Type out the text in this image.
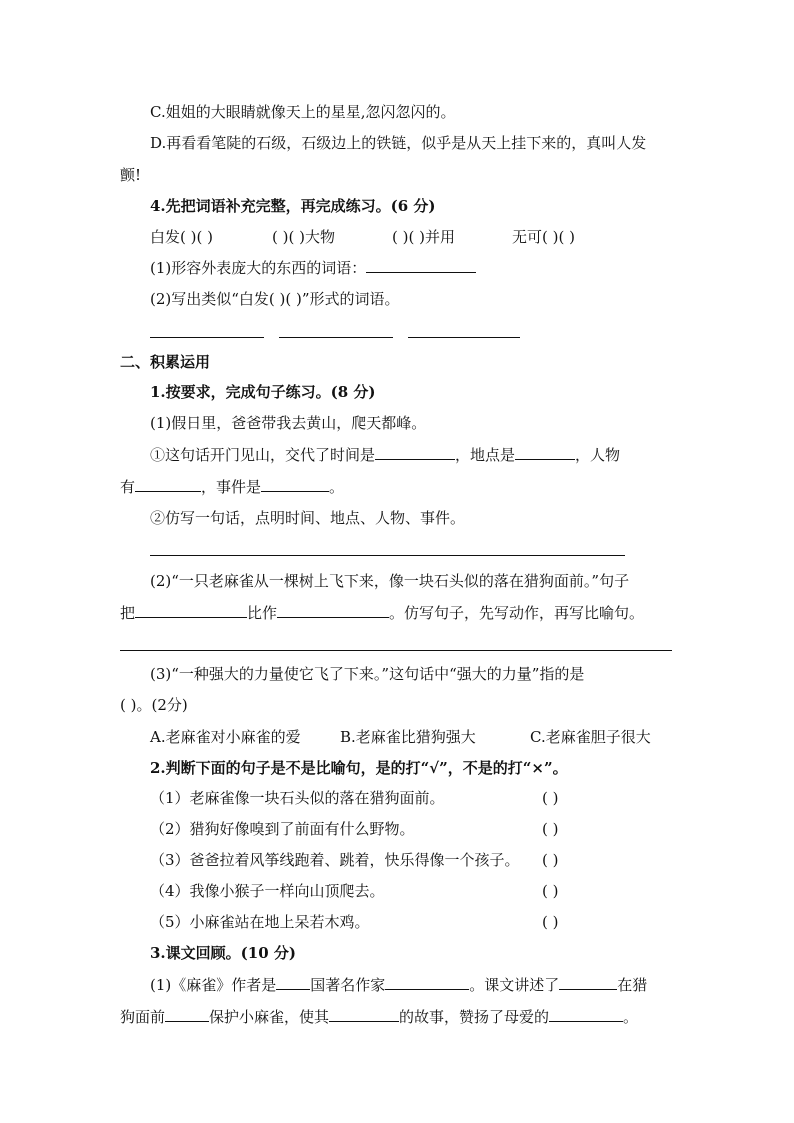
C.姐姐的大眼睛就像天上的星星,忽闪忽闪的。
D.再看看笔陡的石级，石级边上的铁链，似乎是从天上挂下来的，真叫人发
颤!
4.先把词语补充完整，再完成练习。(6 分)
白发( )( )	( )( )大物	( )( )并用	无可( )( )
(1)形容外表庞大的东西的词语：
(2)写出类似“白发( )( )”形式的词语。
二、积累运用
1.按要求，完成句子练习。(8 分)
(1)假日里，爸爸带我去黄山，爬天都峰。
①这句话开门见山，交代了时间是	，地点是	，人物
有	，事件是	。
②仿写一句话，点明时间、地点、人物、事件。
(2)“一只老麻雀从一棵树上飞下来，像一块石头似的落在猎狗面前。”句子
把	比作	。仿写句子，先写动作，再写比喻句。
(3)“一种强大的力量使它飞了下来。”这句话中“强大的力量”指的是
( )。(2分)
A.老麻雀对小麻雀的爱	B.老麻雀比猎狗强大	C.老麻雀胆子很大
2.判断下面的句子是不是比喻句，是的打“√”，不是的打“×”。
（1）老麻雀像一块石头似的落在猎狗面前。	( )
（2）猎狗好像嗅到了前面有什么野物。	( )
（3）爸爸拉着风筝线跑着、跳着，快乐得像一个孩子。 ( )
（4）我像小猴子一样向山顶爬去。	( )
（5）小麻雀站在地上呆若木鸡。	( )
3.课文回顾。(10 分)
(1)《麻雀》作者是 国著名作家	。课文讲述了	在猎
狗面前	保护小麻雀，使其	的故事，赞扬了母爱的	。
